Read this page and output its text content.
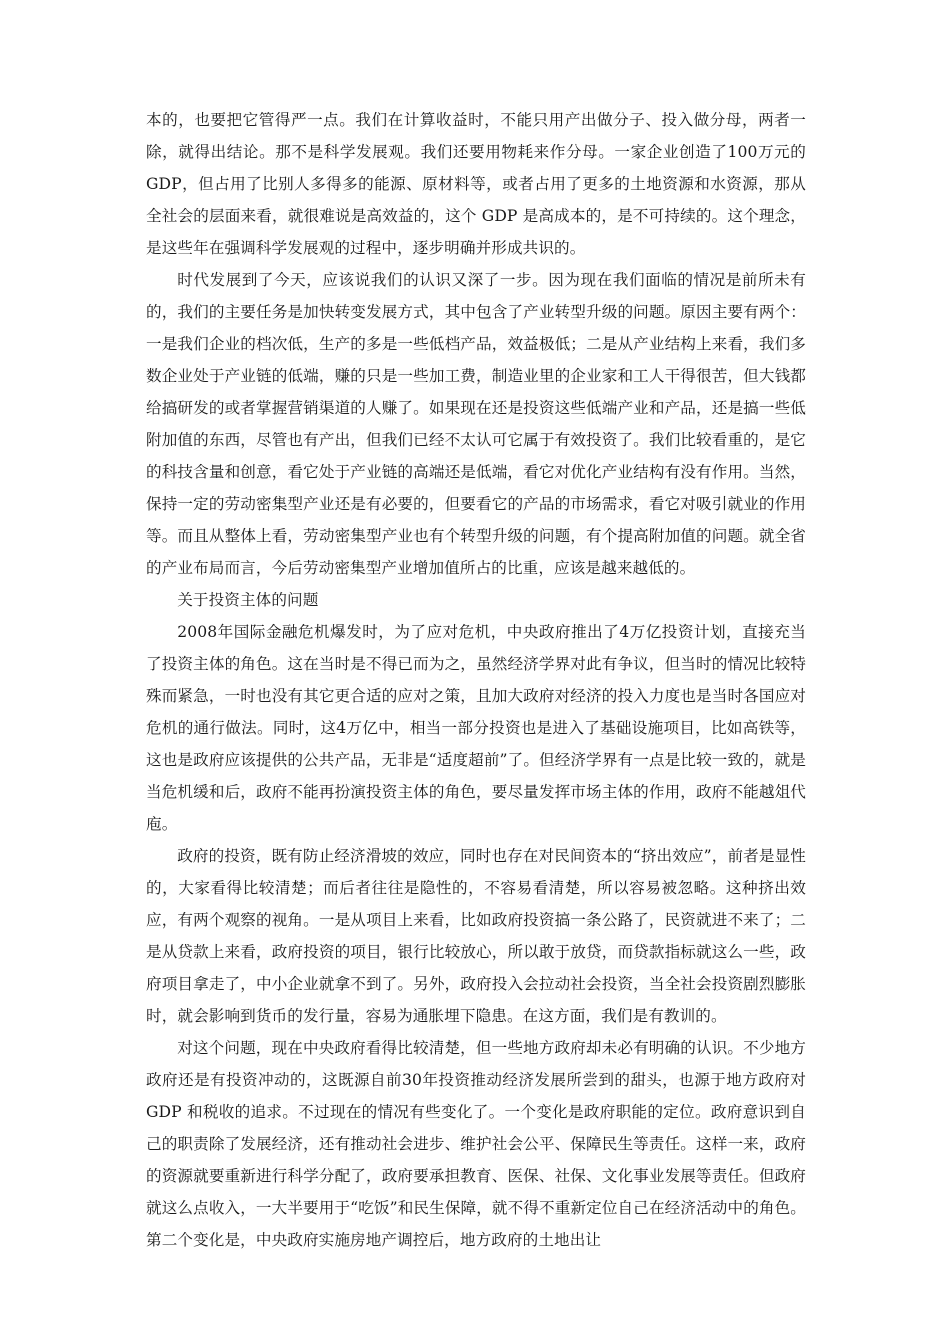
本的，也要把它管得严一点。我们在计算收益时，不能只用产出做分子、投入做分母，两者一除，就得出结论。那不是科学发展观。我们还要用物耗来作分母。一家企业创造了100万元的 GDP，但占用了比别人多得多的能源、原材料等，或者占用了更多的土地资源和水资源，那从全社会的层面来看，就很难说是高效益的，这个 GDP 是高成本的，是不可持续的。这个理念，是这些年在强调科学发展观的过程中，逐步明确并形成共识的。

时代发展到了今天，应该说我们的认识又深了一步。因为现在我们面临的情况是前所未有的，我们的主要任务是加快转变发展方式，其中包含了产业转型升级的问题。原因主要有两个：一是我们企业的档次低，生产的多是一些低档产品，效益极低；二是从产业结构上来看，我们多数企业处于产业链的低端，赚的只是一些加工费，制造业里的企业家和工人干得很苦，但大钱都给搞研发的或者掌握营销渠道的人赚了。如果现在还是投资这些低端产业和产品，还是搞一些低附加值的东西，尽管也有产出，但我们已经不太认可它属于有效投资了。我们比较看重的，是它的科技含量和创意，看它处于产业链的高端还是低端，看它对优化产业结构有没有作用。当然，保持一定的劳动密集型产业还是有必要的，但要看它的产品的市场需求，看它对吸引就业的作用等。而且从整体上看，劳动密集型产业也有个转型升级的问题，有个提高附加值的问题。就全省的产业布局而言，今后劳动密集型产业增加值所占的比重，应该是越来越低的。

关于投资主体的问题

2008年国际金融危机爆发时，为了应对危机，中央政府推出了4万亿投资计划，直接充当了投资主体的角色。这在当时是不得已而为之，虽然经济学界对此有争议，但当时的情况比较特殊而紧急，一时也没有其它更合适的应对之策，且加大政府对经济的投入力度也是当时各国应对危机的通行做法。同时，这4万亿中，相当一部分投资也是进入了基础设施项目，比如高铁等，这也是政府应该提供的公共产品，无非是“适度超前”了。但经济学界有一点是比较一致的，就是当危机缓和后，政府不能再扮演投资主体的角色，要尽量发挥市场主体的作用，政府不能越俎代庖。

政府的投资，既有防止经济滑坡的效应，同时也存在对民间资本的“挤出效应”，前者是显性的，大家看得比较清楚；而后者往往是隐性的，不容易看清楚，所以容易被忽略。这种挤出效应，有两个观察的视角。一是从项目上来看，比如政府投资搞一条公路了，民资就进不来了；二是从贷款上来看，政府投资的项目，银行比较放心，所以敢于放贷，而贷款指标就这么一些，政府项目拿走了，中小企业就拿不到了。另外，政府投入会拉动社会投资，当全社会投资剧烈膨胀时，就会影响到货币的发行量，容易为通胀埋下隐患。在这方面，我们是有教训的。

对这个问题，现在中央政府看得比较清楚，但一些地方政府却未必有明确的认识。不少地方政府还是有投资冲动的，这既源自前30年投资推动经济发展所尝到的甜头，也源于地方政府对 GDP 和税收的追求。不过现在的情况有些变化了。一个变化是政府职能的定位。政府意识到自己的职责除了发展经济，还有推动社会进步、维护社会公平、保障民生等责任。这样一来，政府的资源就要重新进行科学分配了，政府要承担教育、医保、社保、文化事业发展等责任。但政府就这么点收入，一大半要用于“吃饭”和民生保障，就不得不重新定位自己在经济活动中的角色。第二个变化是，中央政府实施房地产调控后，地方政府的土地出让
